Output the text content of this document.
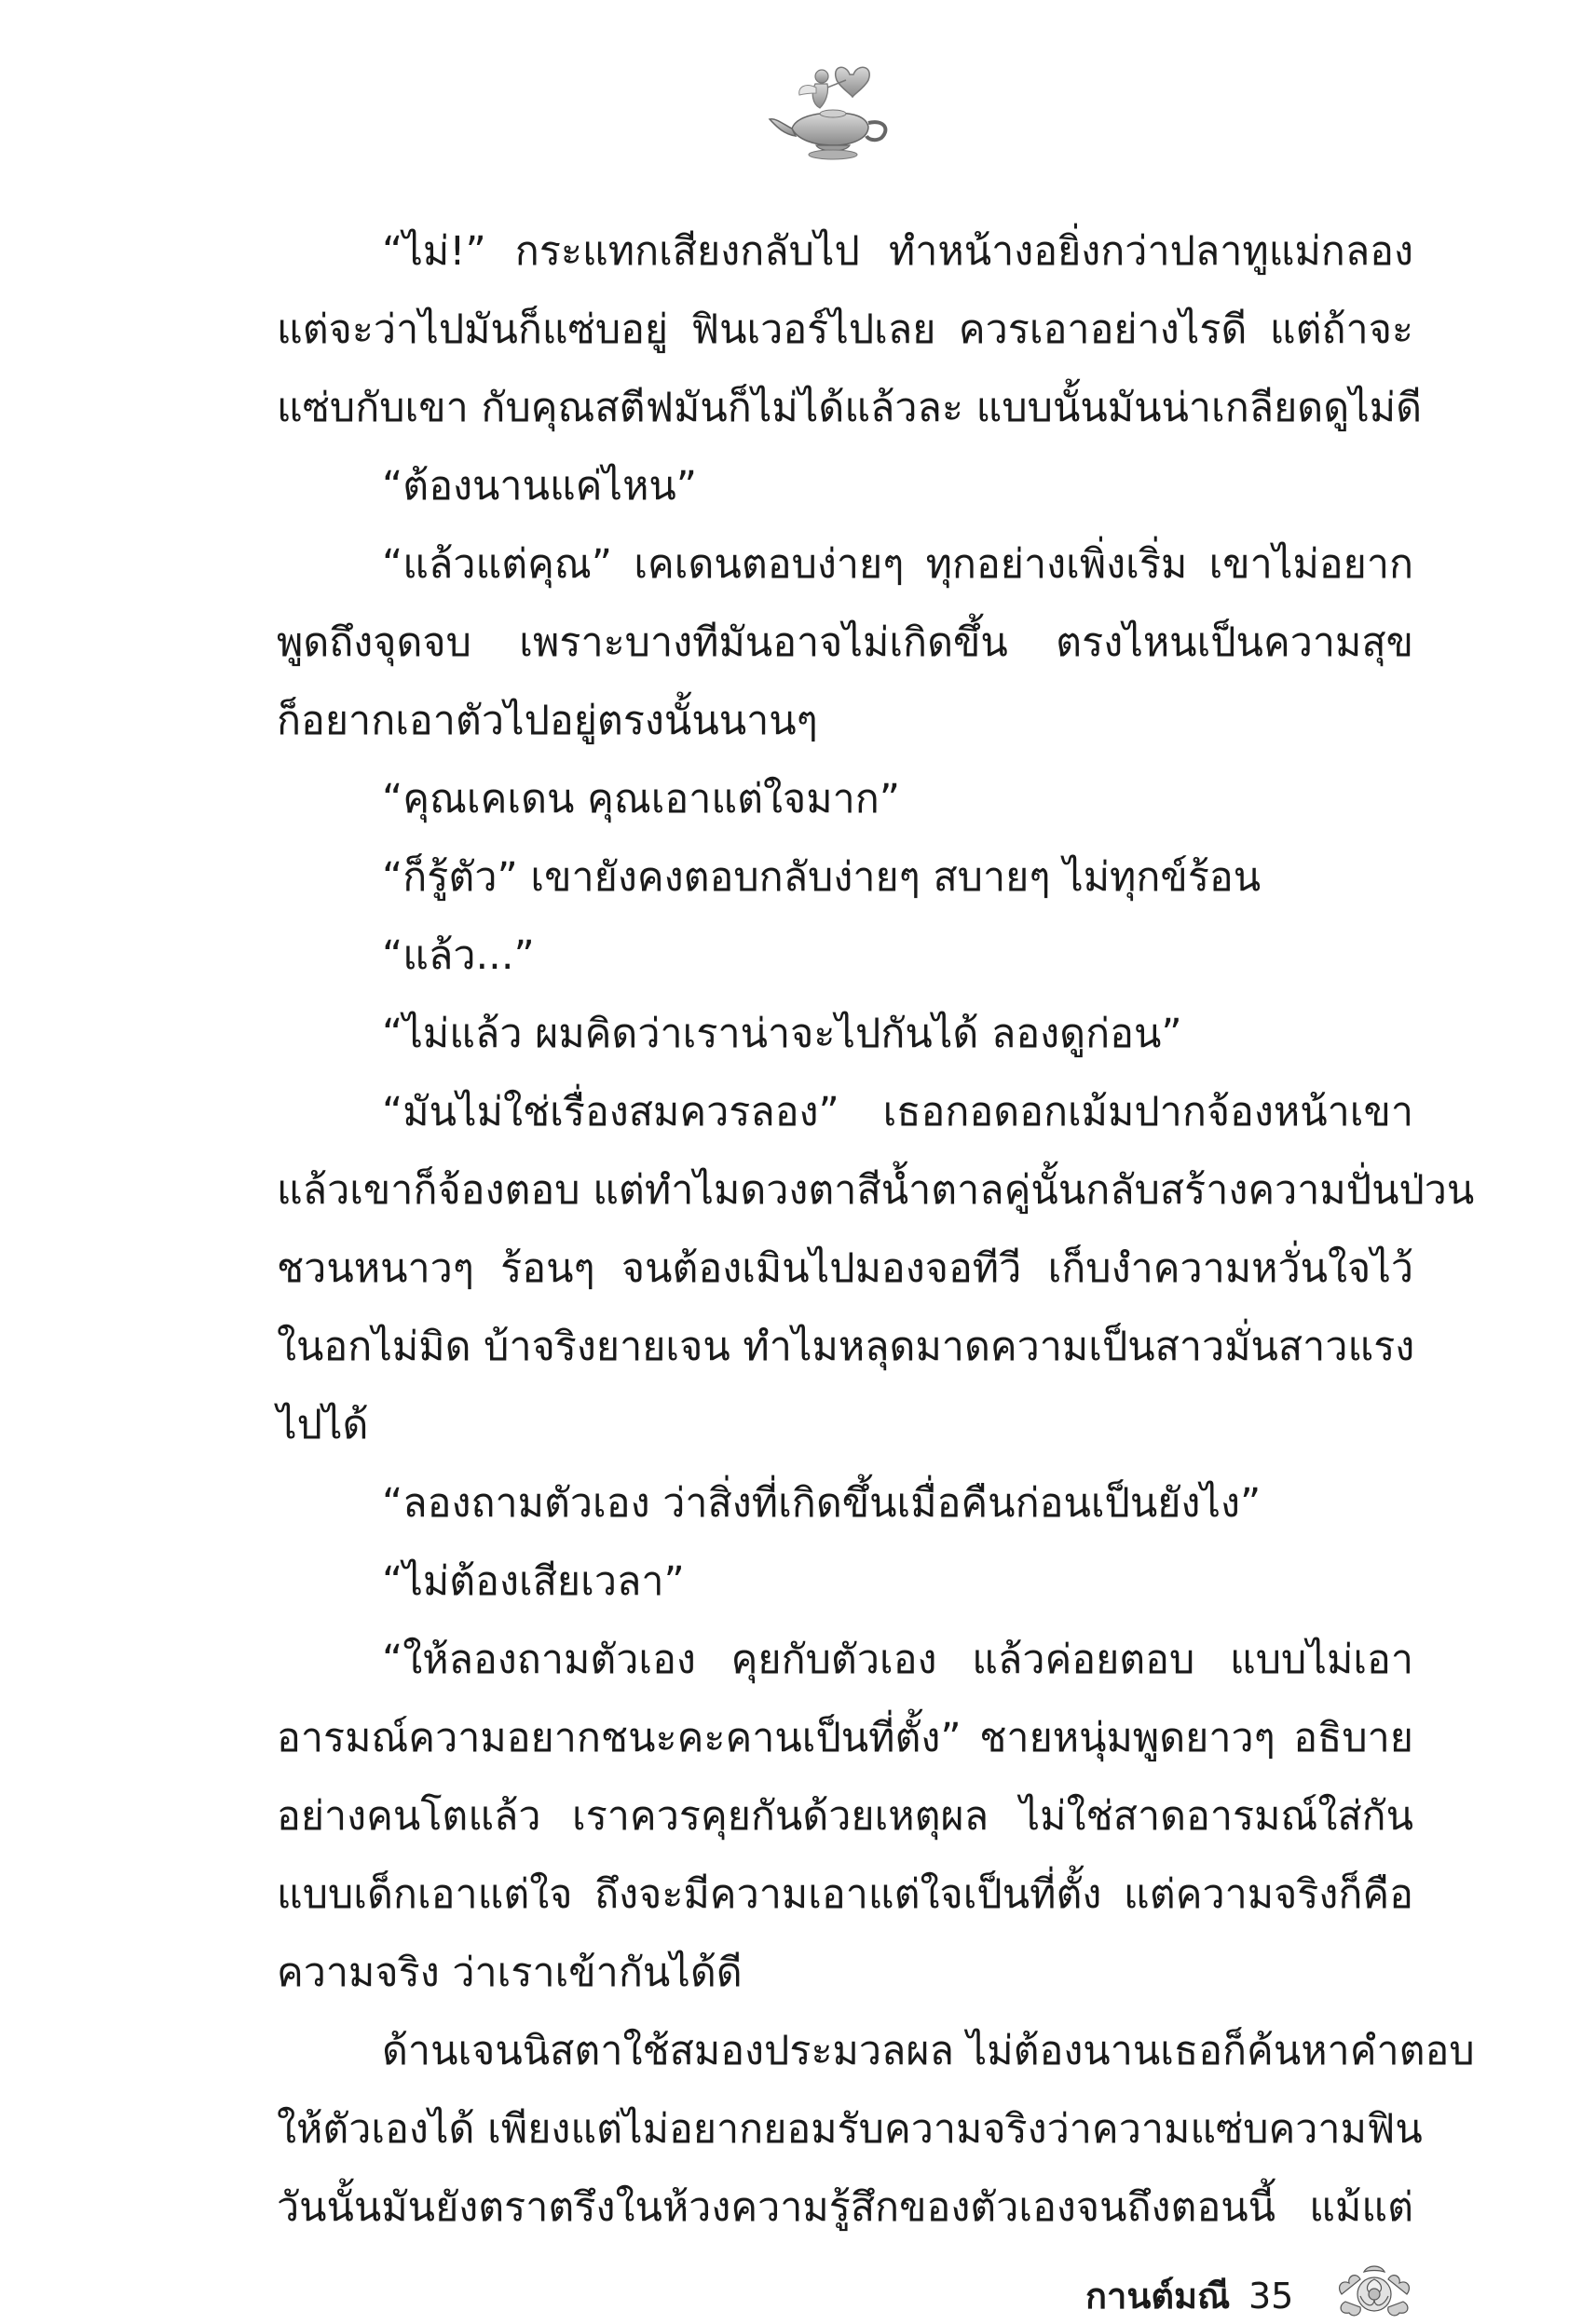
“ไม่!” กระแทกเสียงกลับไป ทำหน้างอยิ่งกว่าปลาทูแม่กลอง
แต่จะว่าไปมันก็แซ่บอยู่ ฟินเวอร์ไปเลย ควรเอาอย่างไรดี แต่ถ้าจะ
แซ่บกับเขา กับคุณสตีฟมันก็ไม่ได้แล้วละ แบบนั้นมันน่าเกลียดดูไม่ดี
“ต้องนานแค่ไหน”
“แล้วแต่คุณ” เคเดนตอบง่ายๆ ทุกอย่างเพิ่งเริ่ม เขาไม่อยาก
พูดถึงจุดจบ เพราะบางทีมันอาจไม่เกิดขึ้น ตรงไหนเป็นความสุข
ก็อยากเอาตัวไปอยู่ตรงนั้นนานๆ
“คุณเคเดน คุณเอาแต่ใจมาก”
“ก็รู้ตัว” เขายังคงตอบกลับง่ายๆ สบายๆ ไม่ทุกข์ร้อน
“แล้ว...”
“ไม่แล้ว ผมคิดว่าเราน่าจะไปกันได้ ลองดูก่อน”
“มันไม่ใช่เรื่องสมควรลอง” เธอกอดอกเม้มปากจ้องหน้าเขา
แล้วเขาก็จ้องตอบ แต่ทำไมดวงตาสีน้ำตาลคู่นั้นกลับสร้างความปั่นป่วน
ชวนหนาวๆ ร้อนๆ จนต้องเมินไปมองจอทีวี เก็บงำความหวั่นใจไว้
ในอกไม่มิด บ้าจริงยายเจน ทำไมหลุดมาดความเป็นสาวมั่นสาวแรง
ไปได้
“ลองถามตัวเอง ว่าสิ่งที่เกิดขึ้นเมื่อคืนก่อนเป็นยังไง”
“ไม่ต้องเสียเวลา”
“ให้ลองถามตัวเอง คุยกับตัวเอง แล้วค่อยตอบ แบบไม่เอา
อารมณ์ความอยากชนะคะคานเป็นที่ตั้ง” ชายหนุ่มพูดยาวๆ อธิบาย
อย่างคนโตแล้ว เราควรคุยกันด้วยเหตุผล ไม่ใช่สาดอารมณ์ใส่กัน
แบบเด็กเอาแต่ใจ ถึงจะมีความเอาแต่ใจเป็นที่ตั้ง แต่ความจริงก็คือ
ความจริง ว่าเราเข้ากันได้ดี
ด้านเจนนิสตาใช้สมองประมวลผล ไม่ต้องนานเธอก็ค้นหาคำตอบ
ให้ตัวเองได้ เพียงแต่ไม่อยากยอมรับความจริงว่าความแซ่บความฟิน
วันนั้นมันยังตราตรึงในห้วงความรู้สึกของตัวเองจนถึงตอนนี้ แม้แต่
กานต์มณี 35
